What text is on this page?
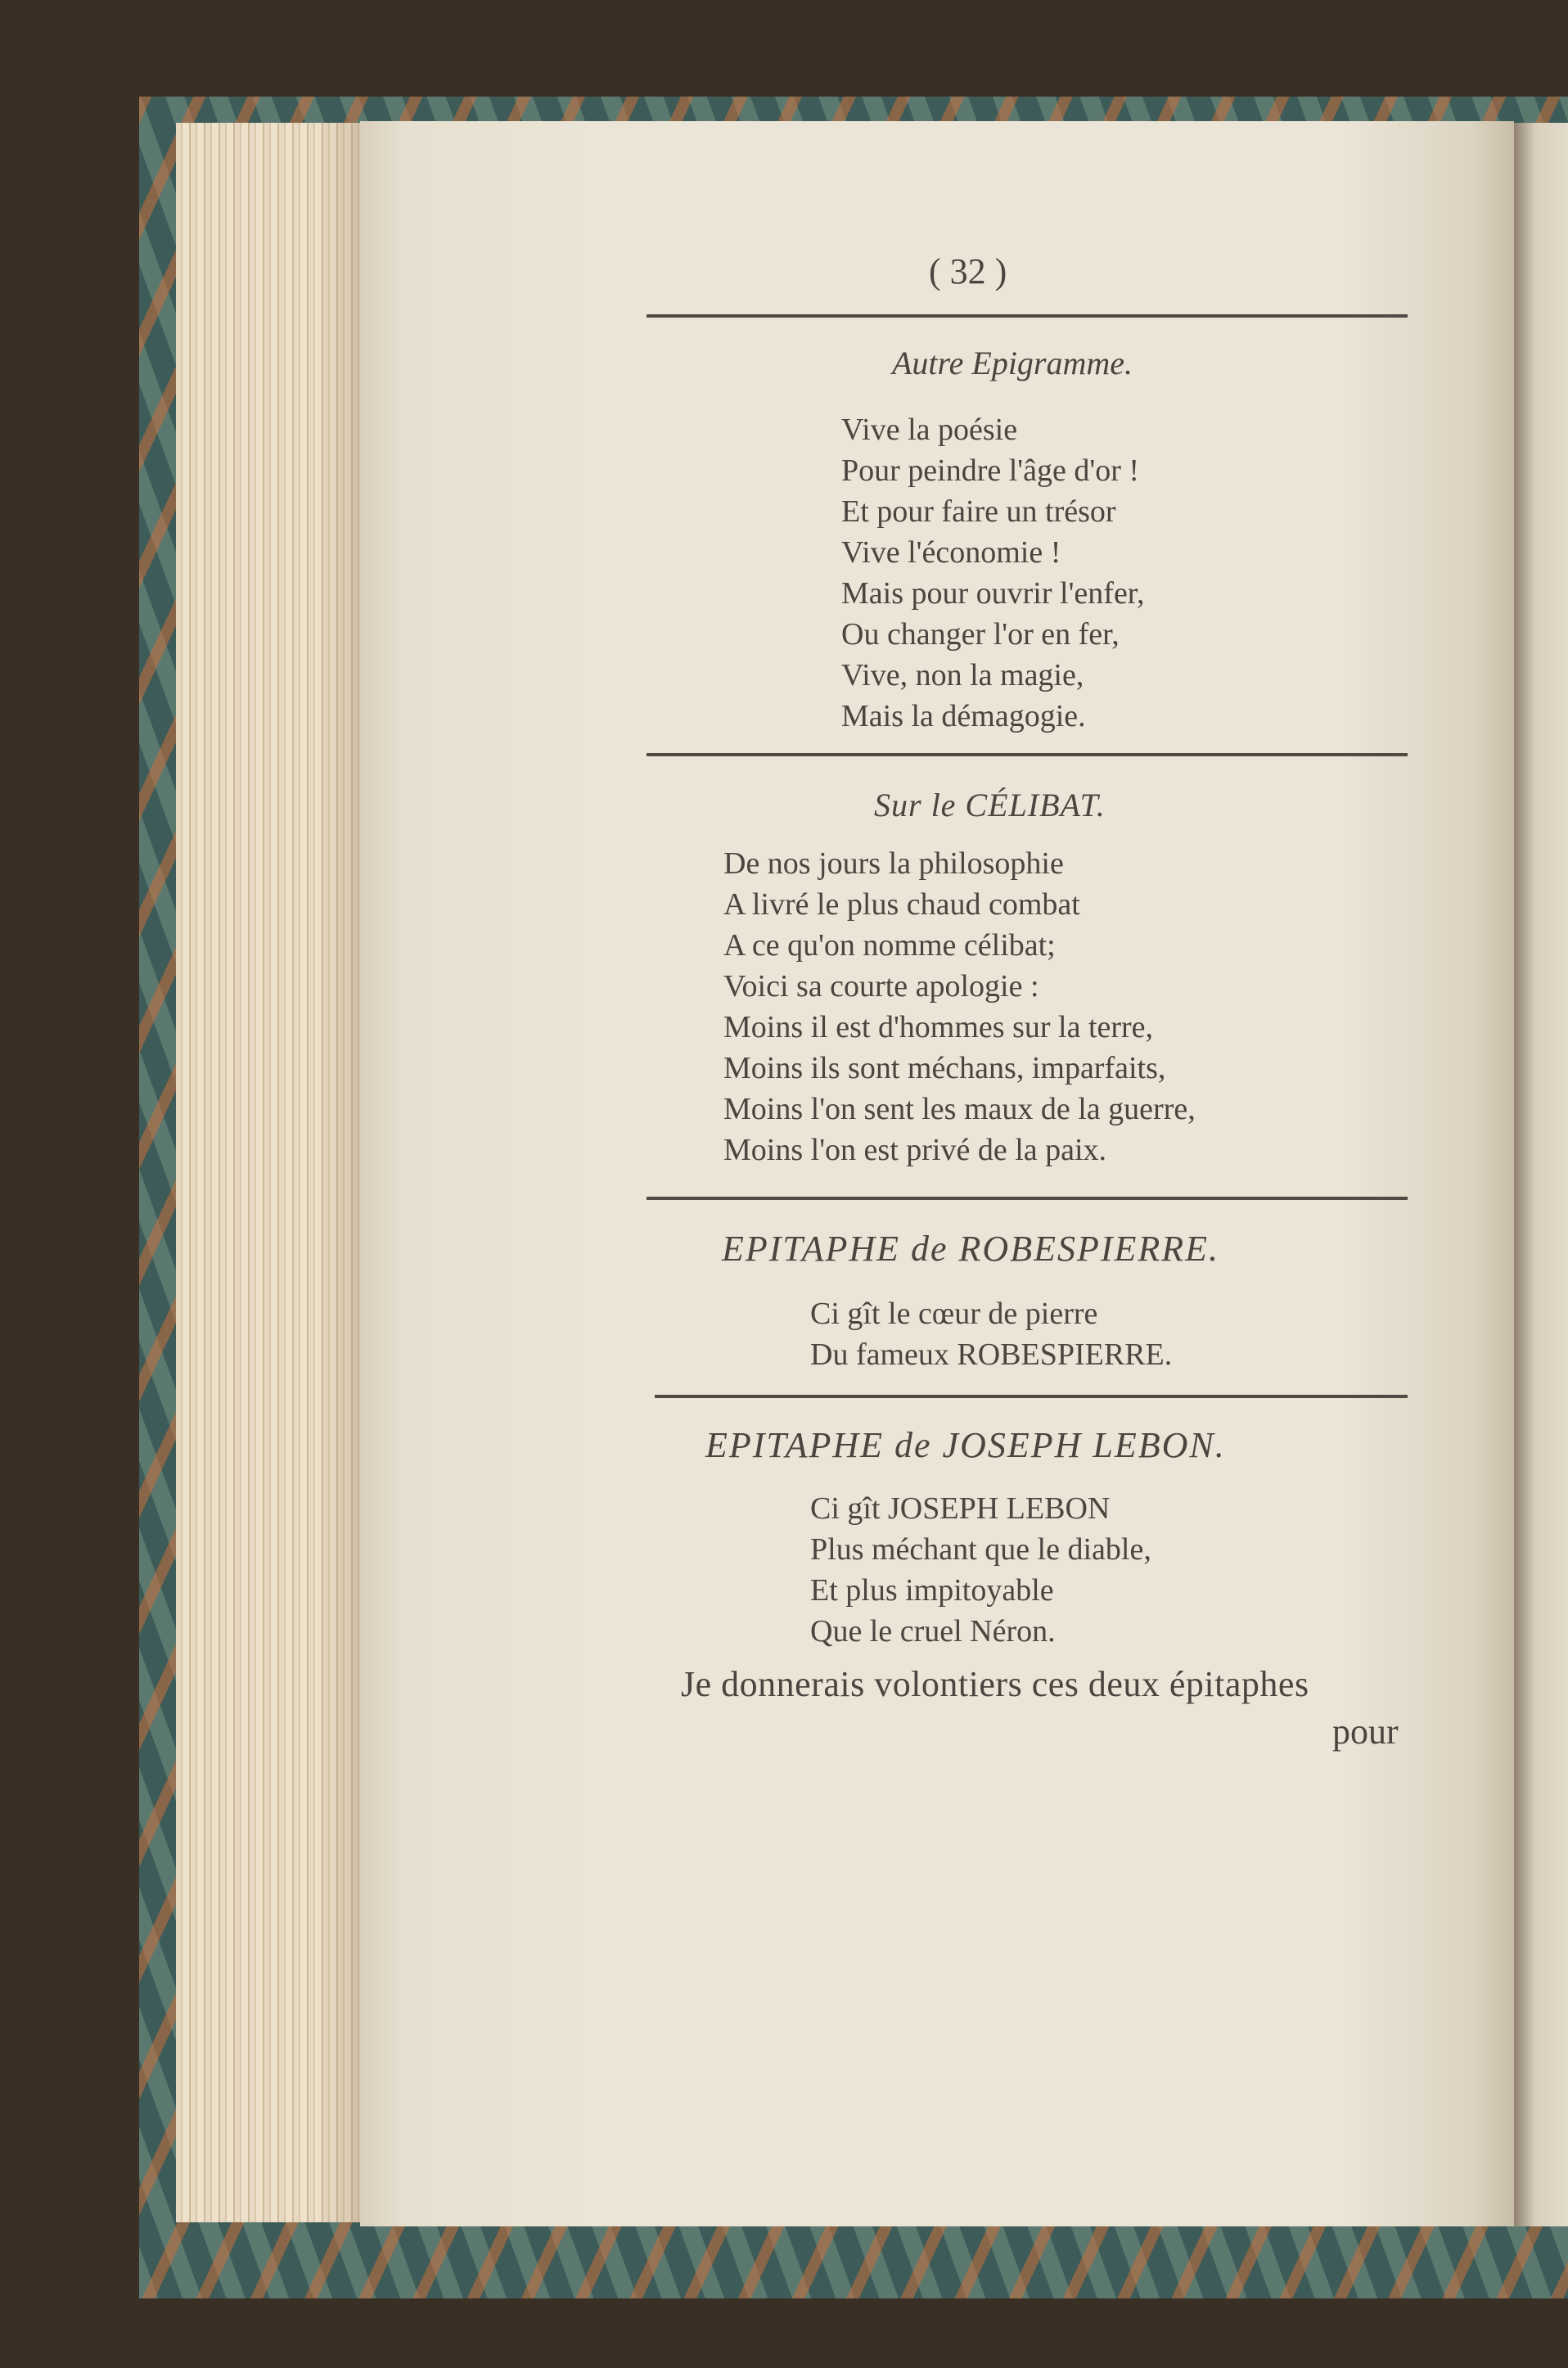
( 32 )
Autre Epigramme.
Vive la poésie
Pour peindre l'âge d'or !
Et pour faire un trésor
Vive l'économie !
Mais pour ouvrir l'enfer,
Ou changer l'or en fer,
Vive, non la magie,
Mais la démagogie.
Sur le CÉLIBAT.
De nos jours la philosophie
A livré le plus chaud combat
A ce qu'on nomme célibat;
Voici sa courte apologie :
Moins il est d'hommes sur la terre,
Moins ils sont méchans, imparfaits,
Moins l'on sent les maux de la guerre,
Moins l'on est privé de la paix.
EPITAPHE de ROBESPIERRE.
Ci gît le cœur de pierre
Du fameux ROBESPIERRE.
EPITAPHE de JOSEPH LEBON.
Ci gît JOSEPH LEBON
Plus méchant que le diable,
Et plus impitoyable
Que le cruel Néron.
Je donnerais volontiers ces deux épitaphes
pour
